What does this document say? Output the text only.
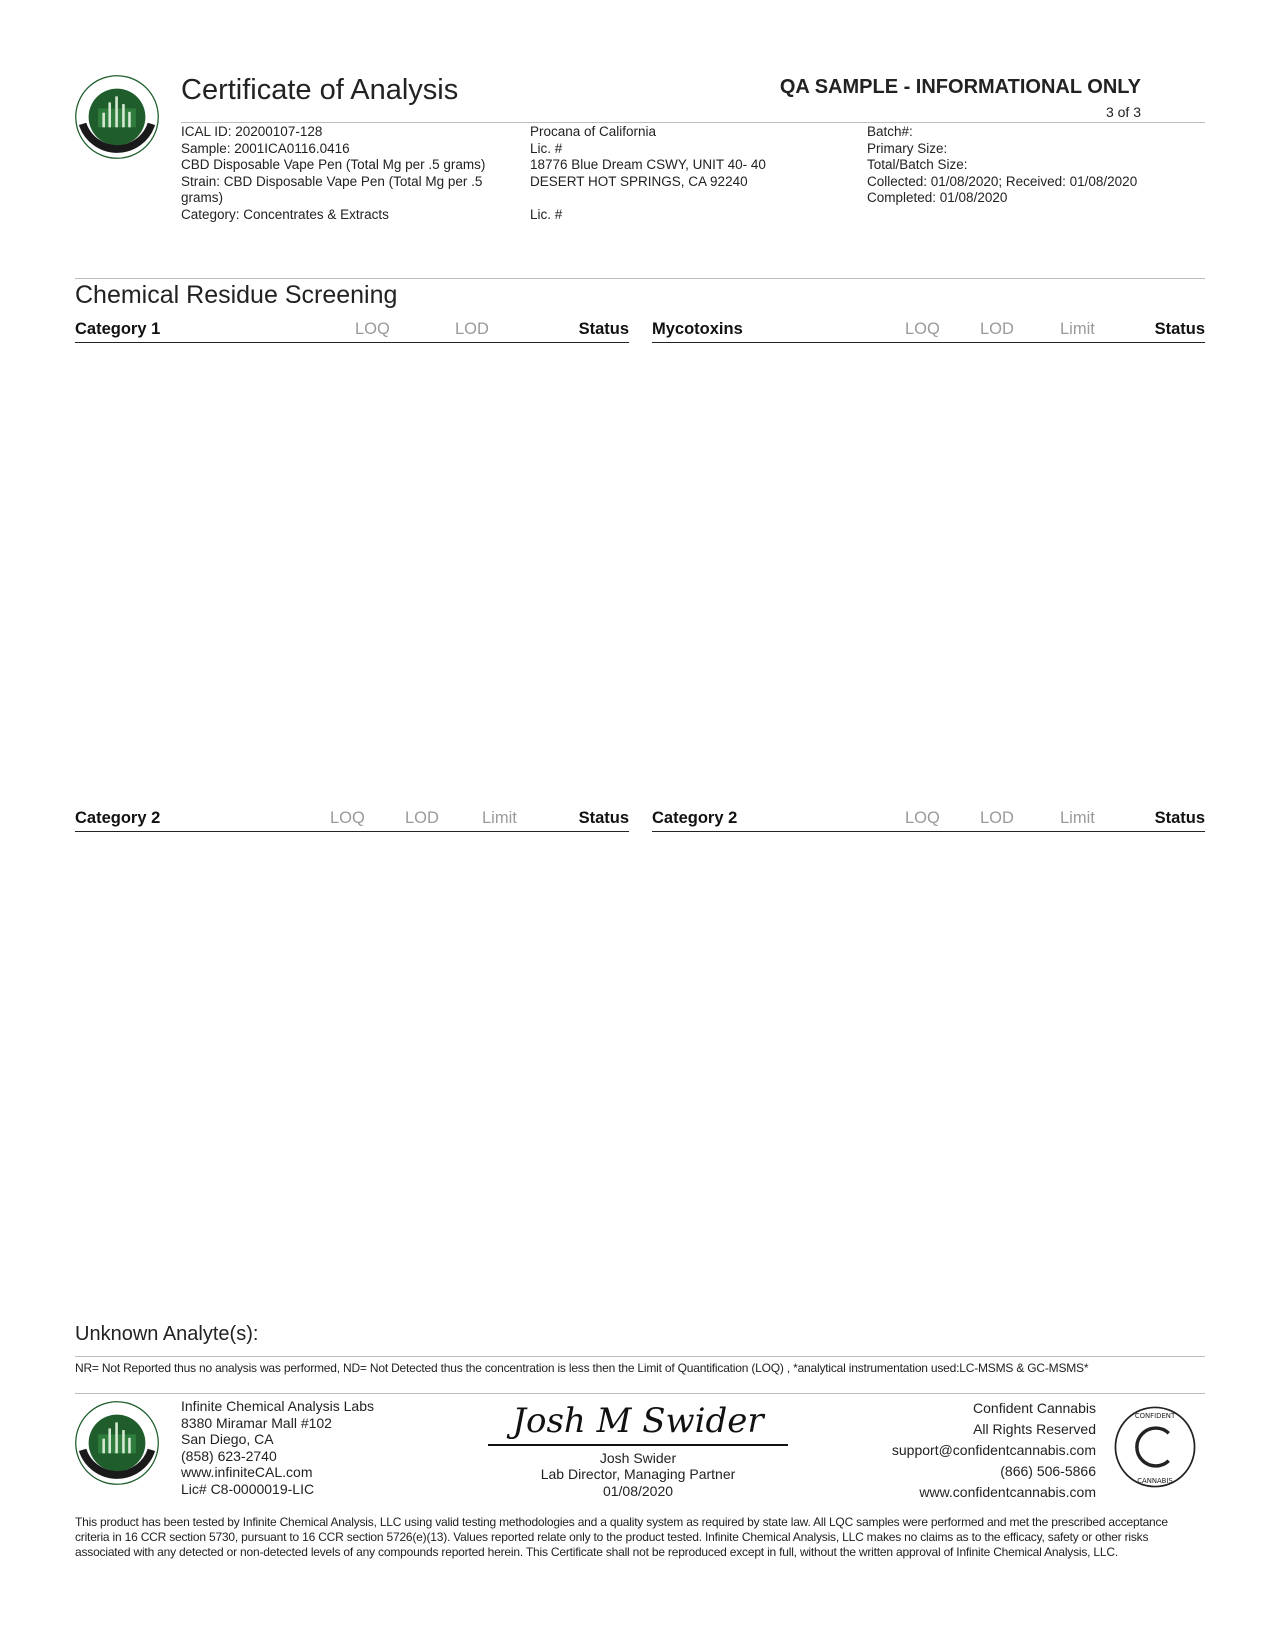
Certificate of Analysis	QA SAMPLE - INFORMATIONAL ONLY
3 of 3
ICAL ID: 20200107-128
Sample: 2001ICA0116.0416
CBD Disposable Vape Pen (Total Mg per .5 grams)
Strain: CBD Disposable Vape Pen (Total Mg per .5
grams)
Category: Concentrates & Extracts
Procana of California
Lic. #
18776 Blue Dream CSWY, UNIT 40- 40
DESERT HOT SPRINGS, CA 92240
Lic. #
Batch#:
Primary Size:
Total/Batch Size:
Collected: 01/08/2020; Received: 01/08/2020
Completed: 01/08/2020
Chemical Residue Screening
Category 1	LOQ	LOD	Status Mycotoxins	LOQ LOD	Limit	Status
Category 2	LOQ LOD	Limit	Status Category 2	LOQ LOD	Limit	Status
Unknown Analyte(s):
NR= Not Reported thus no analysis was performed, ND= Not Detected thus the concentration is less then the Limit of Quantification (LOQ) , *analytical instrumentation used:LC-MSMS & GC-MSMS*
Infinite Chemical Analysis Labs
8380 Miramar Mall #102
San Diego, CA
(858) 623-2740
www.infiniteCAL.com
Lic# C8-0000019-LIC
Josh M Swider
Josh Swider
Lab Director, Managing Partner
01/08/2020
Confident Cannabis
All Rights Reserved
support@confidentcannabis.com
(866) 506-5866
www.confidentcannabis.com
CONFIDENT
CANNABIS
This product has been tested by Infinite Chemical Analysis, LLC using valid testing methodologies and a quality system as required by state law. All LQC samples were performed and met the prescribed acceptance criteria in 16 CCR section 5730, pursuant to 16 CCR section 5726(e)(13). Values reported relate only to the product tested. Infinite Chemical Analysis, LLC makes no claims as to the efficacy, safety or other risks associated with any detected or non-detected levels of any compounds reported herein. This Certificate shall not be reproduced except in full, without the written approval of Infinite Chemical Analysis, LLC.
